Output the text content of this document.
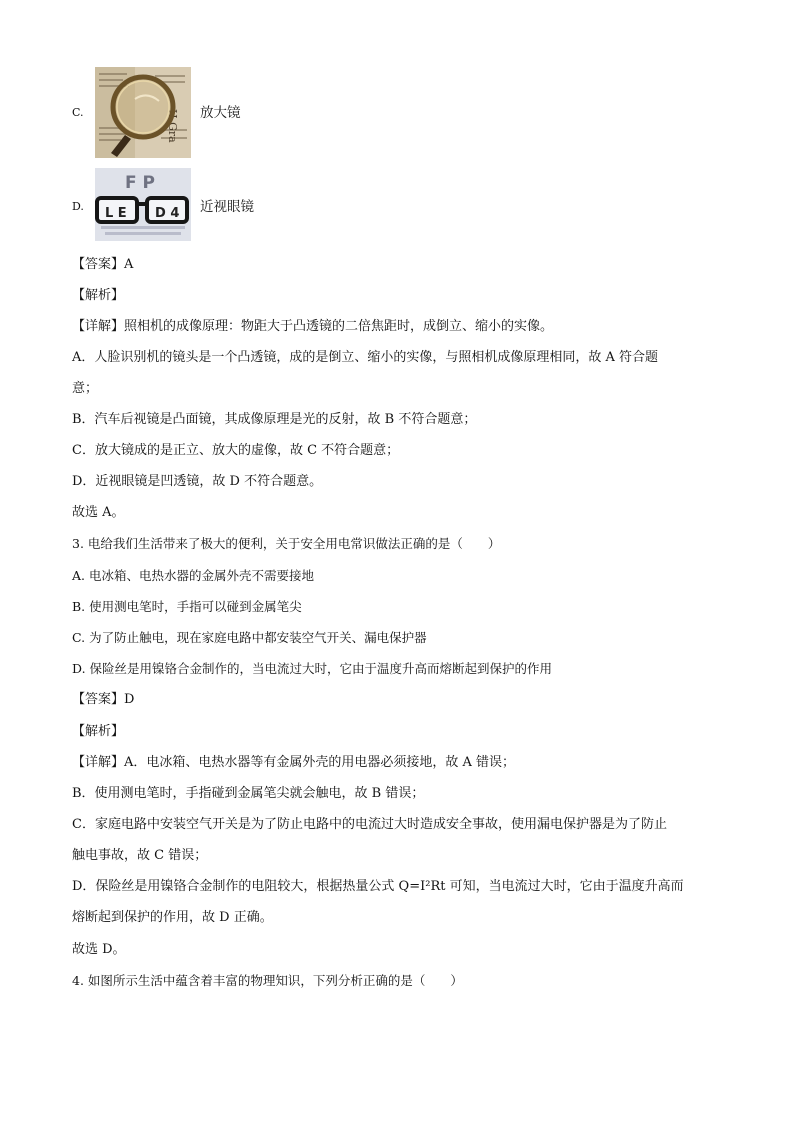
C.	H.Gra 放大镜
D.
F P
L E D 4 近视眼镜
【答案】A
【解析】
【详解】照相机的成像原理：物距大于凸透镜的二倍焦距时，成倒立、缩小的实像。
A．人脸识别机的镜头是一个凸透镜，成的是倒立、缩小的实像，与照相机成像原理相同，故 A 符合题
意；
B．汽车后视镜是凸面镜，其成像原理是光的反射，故 B 不符合题意；
C．放大镜成的是正立、放大的虚像，故 C 不符合题意；
D．近视眼镜是凹透镜，故 D 不符合题意。
故选 A。
3. 电给我们生活带来了极大的便利，关于安全用电常识做法正确的是（　　）
A. 电冰箱、电热水器的金属外壳不需要接地
B. 使用测电笔时，手指可以碰到金属笔尖
C. 为了防止触电，现在家庭电路中都安装空气开关、漏电保护器
D. 保险丝是用镍铬合金制作的，当电流过大时，它由于温度升高而熔断起到保护的作用
【答案】D
【解析】
【详解】A．电冰箱、电热水器等有金属外壳的用电器必须接地，故 A 错误；
B．使用测电笔时，手指碰到金属笔尖就会触电，故 B 错误；
C．家庭电路中安装空气开关是为了防止电路中的电流过大时造成安全事故，使用漏电保护器是为了防止
触电事故，故 C 错误；
D．保险丝是用镍铬合金制作的电阻较大，根据热量公式 Q=I²Rt 可知，当电流过大时，它由于温度升高而
熔断起到保护的作用，故 D 正确。
故选 D。
4. 如图所示生活中蕴含着丰富的物理知识，下列分析正确的是（　　）
